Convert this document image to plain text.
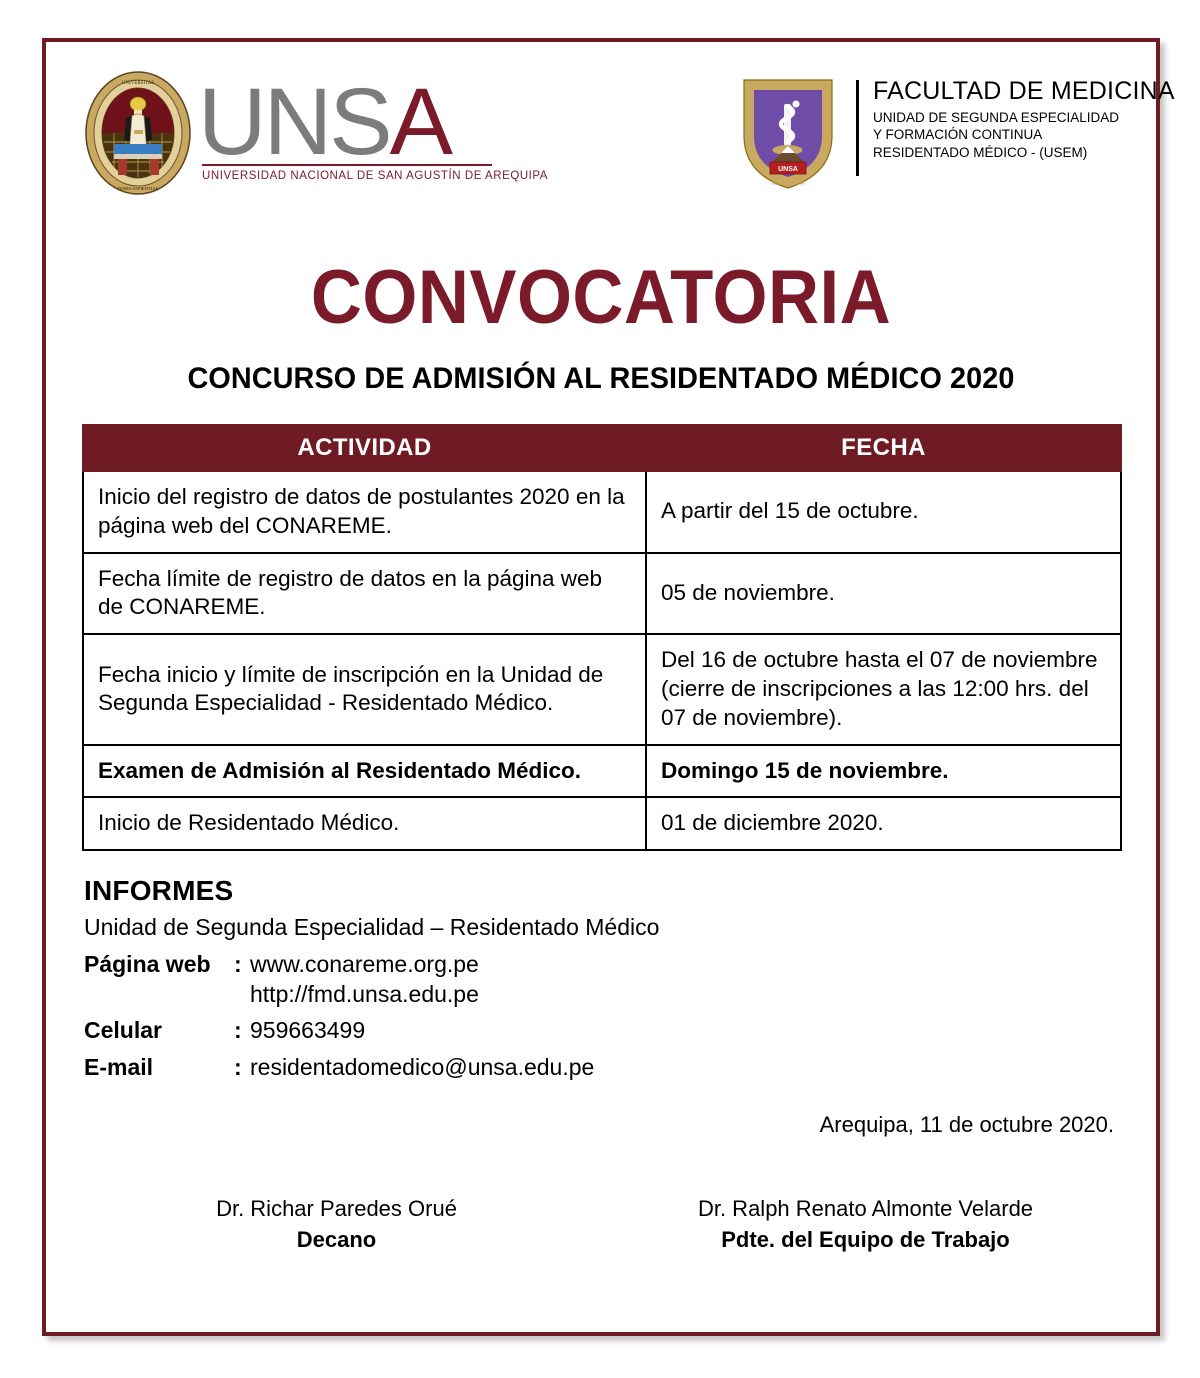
UNIVERSITAS
DORIS SAPIENTIAE
UNSA
UNIVERSIDAD NACIONAL DE SAN AGUSTÍN DE AREQUIPA
UNSA
FACULTAD DE MEDICINA
AREQUIPA
FACULTAD DE MEDICINA
UNIDAD DE SEGUNDA ESPECIALIDAD
Y FORMACIÓN CONTINUA
RESIDENTADO MÉDICO - (USEM)
CONVOCATORIA
CONCURSO DE ADMISIÓN AL RESIDENTADO MÉDICO 2020
ACTIVIDAD	FECHA
Inicio del registro de datos de postulantes 2020 en la página web del CONAREME.	A partir del 15 de octubre.
Fecha límite de registro de datos en la página web de CONAREME.	05 de noviembre.
Fecha inicio y límite de inscripción en la Unidad de Segunda Especialidad - Residentado Médico.	Del 16 de octubre hasta el 07 de noviembre (cierre de inscripciones a las 12:00 hrs. del 07 de noviembre).
Examen de Admisión al Residentado Médico.	Domingo 15 de noviembre.
Inicio de Residentado Médico.	01 de diciembre 2020.
INFORMES
Unidad de Segunda Especialidad – Residentado Médico
Página web	: www.conareme.org.pe
http://fmd.unsa.edu.pe
Celular	: 959663499
E-mail	: residentadomedico@unsa.edu.pe
Arequipa, 11 de octubre 2020.
Dr. Richar Paredes Orué
Decano
Dr. Ralph Renato Almonte Velarde
Pdte. del Equipo de Trabajo
